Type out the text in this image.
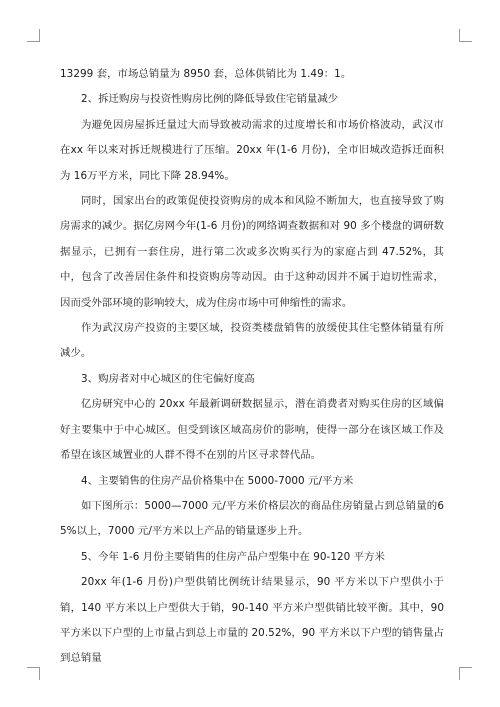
13299 套，市场总销量为 8950 套，总体供销比为 1.49：1。

2、拆迁购房与投资性购房比例的降低导致住宅销量减少

为避免因房屋拆迁量过大而导致被动需求的过度增长和市场价格波动，武汉市在xx 年以来对拆迁规模进行了压缩。20xx 年(1-6 月份)，全市旧城改造拆迁面积为 16万平方米，同比下降 28.94%。

同时，国家出台的政策促使投资购房的成本和风险不断加大，也直接导致了购房需求的减少。据亿房网今年(1-6 月份)的网络调查数据和对 90 多个楼盘的调研数据显示，已拥有一套住房，进行第二次或多次购买行为的家庭占到 47.52%，其中，包含了改善居住条件和投资购房等动因。由于这种动因并不属于迫切性需求，因而受外部环境的影响较大，成为住房市场中可伸缩性的需求。

作为武汉房产投资的主要区域，投资类楼盘销售的放缓使其住宅整体销量有所减少。

3、购房者对中心城区的住宅偏好度高

亿房研究中心的 20xx 年最新调研数据显示，潜在消费者对购买住房的区域偏好主要集中于中心城区。但受到该区域高房价的影响，使得一部分在该区域工作及希望在该区域置业的人群不得不在别的片区寻求替代品。

4、主要销售的住房产品价格集中在 5000-7000 元/平方米

如下图所示：5000—7000 元/平方米价格层次的商品住房销量占到总销量的65%以上，7000 元/平方米以上产品的销量逐步上升。

5、今年 1-6 月份主要销售的住房产品户型集中在 90-120 平方米

20xx 年(1-6 月份)户型供销比例统计结果显示，90 平方米以下户型供小于销，140 平方米以上户型供大于销，90-140 平方米户型供销比较平衡。其中，90 平方米以下户型的上市量占到总上市量的 20.52%，90 平方米以下户型的销售量占到总销量
